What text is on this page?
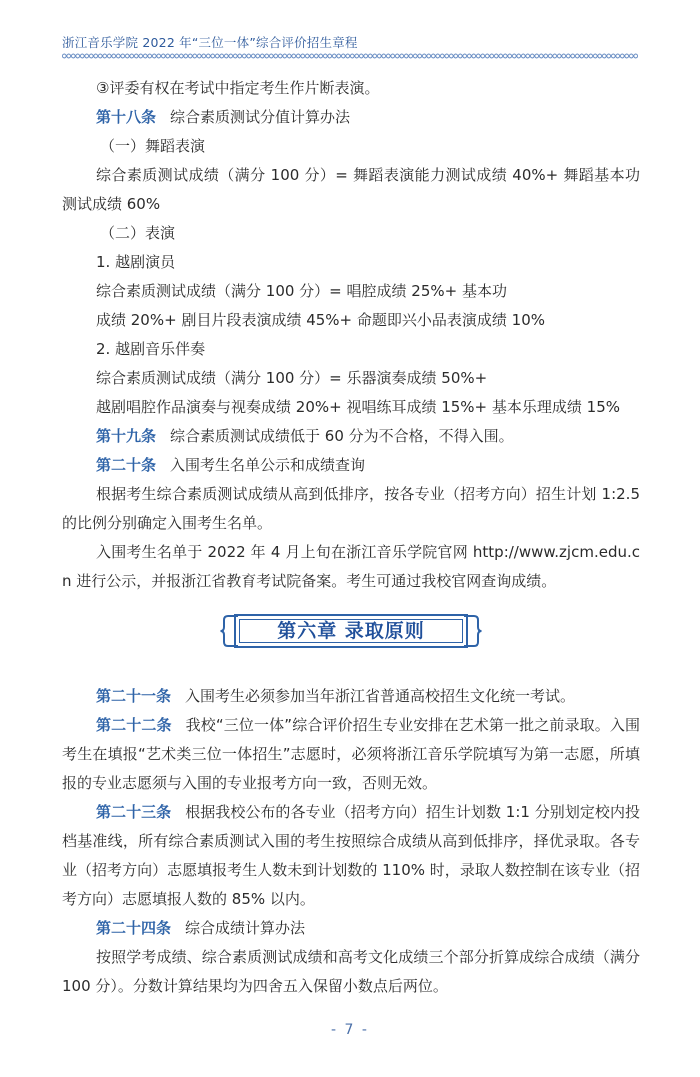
浙江音乐学院 2022 年“三位一体”综合评价招生章程

③评委有权在考试中指定考生作片断表演。

第十八条 综合素质测试分值计算办法

（一）舞蹈表演

综合素质测试成绩（满分 100 分）= 舞蹈表演能力测试成绩 40%+ 舞蹈基本功测试成绩 60%

（二）表演

1. 越剧演员

综合素质测试成绩（满分 100 分）= 唱腔成绩 25%+ 基本功

成绩 20%+ 剧目片段表演成绩 45%+ 命题即兴小品表演成绩 10%

2. 越剧音乐伴奏

综合素质测试成绩（满分 100 分）= 乐器演奏成绩 50%+

越剧唱腔作品演奏与视奏成绩 20%+ 视唱练耳成绩 15%+ 基本乐理成绩 15%

第十九条 综合素质测试成绩低于 60 分为不合格，不得入围。

第二十条 入围考生名单公示和成绩查询

根据考生综合素质测试成绩从高到低排序，按各专业（招考方向）招生计划 1:2.5 的比例分别确定入围考生名单。

入围考生名单于 2022 年 4 月上旬在浙江音乐学院官网 http://www.zjcm.edu.cn 进行公示，并报浙江省教育考试院备案。考生可通过我校官网查询成绩。

第六章 录取原则

第二十一条 入围考生必须参加当年浙江省普通高校招生文化统一考试。

第二十二条 我校“三位一体”综合评价招生专业安排在艺术第一批之前录取。入围考生在填报“艺术类三位一体招生”志愿时，必须将浙江音乐学院填写为第一志愿，所填报的专业志愿须与入围的专业报考方向一致，否则无效。

第二十三条 根据我校公布的各专业（招考方向）招生计划数 1:1 分别划定校内投档基准线，所有综合素质测试入围的考生按照综合成绩从高到低排序，择优录取。各专业（招考方向）志愿填报考生人数未到计划数的 110% 时，录取人数控制在该专业（招考方向）志愿填报人数的 85% 以内。

第二十四条 综合成绩计算办法

按照学考成绩、综合素质测试成绩和高考文化成绩三个部分折算成综合成绩（满分 100 分）。分数计算结果均为四舍五入保留小数点后两位。

- 7 -
